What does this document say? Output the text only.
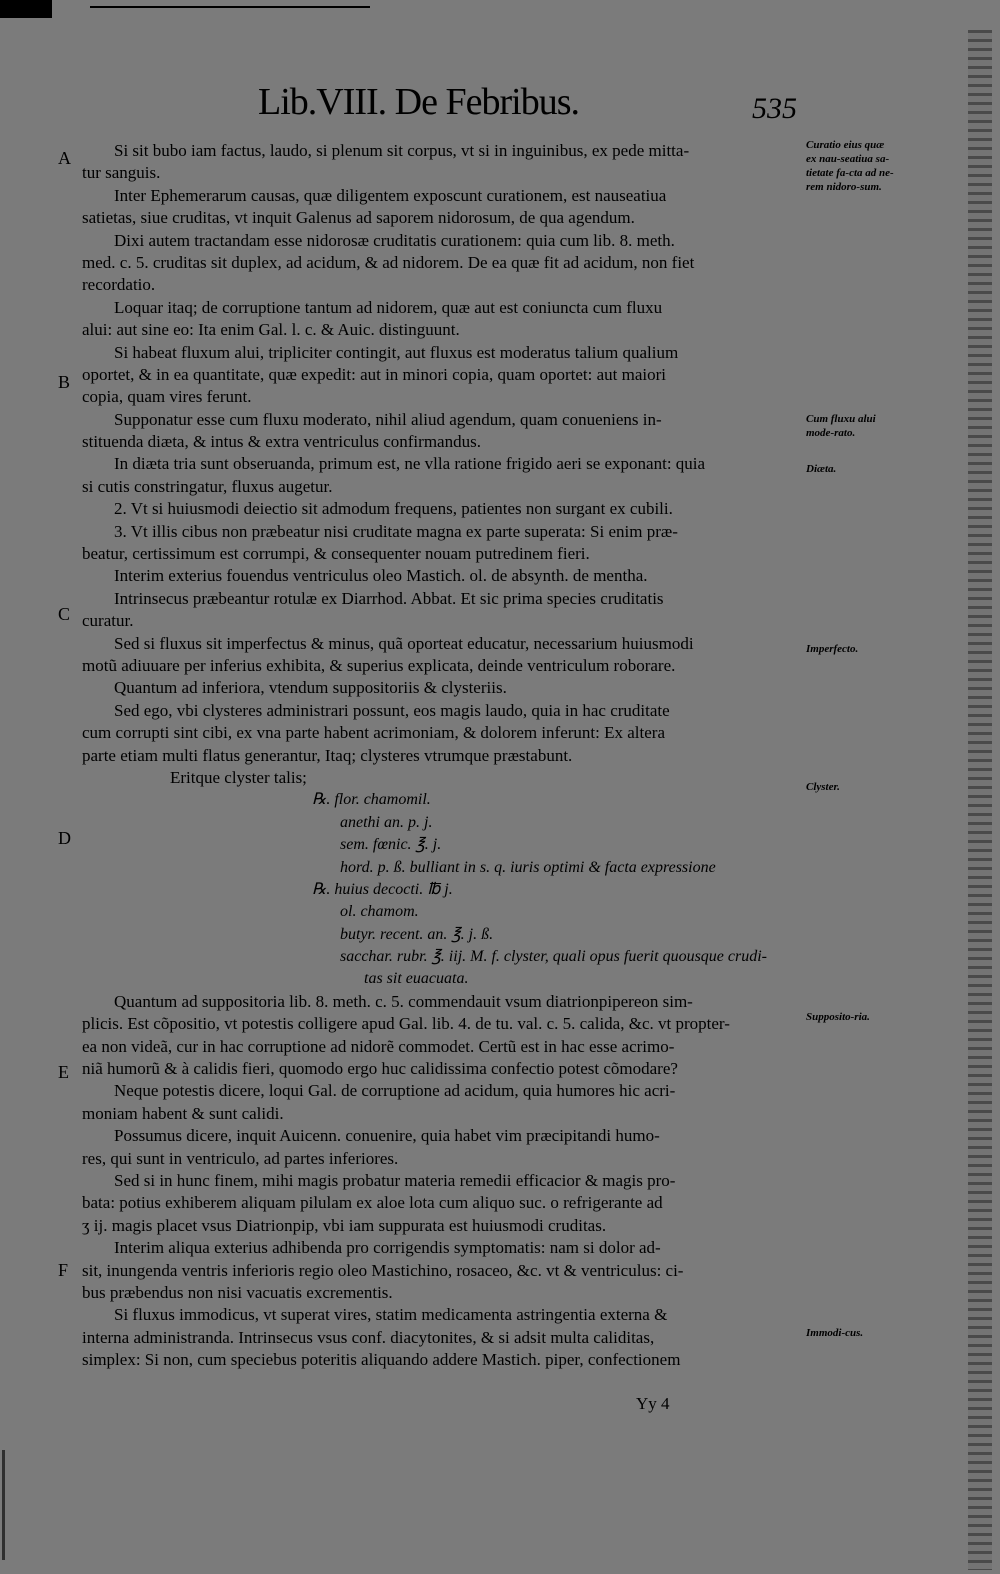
Lib.VIII. De Febribus.	535
A
B
C
D
E
F
Curatio eius quæ ex nau-seatiua sa-tietate fa-cta ad ne-rem nidoro-sum.
Cum fluxu alui mode-rato.
Diæta.
Imperfecto.
Clyster.
Supposito-ria.
Immodi-cus.
Si sit bubo iam factus, laudo, si plenum sit corpus, vt si in inguinibus, ex pede mitta-
tur sanguis.
Inter Ephemerarum causas, quæ diligentem exposcunt curationem, est nauseatiua
satietas, siue cruditas, vt inquit Galenus ad saporem nidorosum, de qua agendum.
Dixi autem tractandam esse nidorosæ cruditatis curationem: quia cum lib. 8. meth.
med. c. 5. cruditas sit duplex, ad acidum, & ad nidorem. De ea quæ fit ad acidum, non fiet
recordatio.
Loquar itaq; de corruptione tantum ad nidorem, quæ aut est coniuncta cum fluxu
alui: aut sine eo: Ita enim Gal. l. c. & Auic. distinguunt.
Si habeat fluxum alui, tripliciter contingit, aut fluxus est moderatus talium qualium
oportet, & in ea quantitate, quæ expedit: aut in minori copia, quam oportet: aut maiori
copia, quam vires ferunt.
Supponatur esse cum fluxu moderato, nihil aliud agendum, quam conueniens in-
stituenda diæta, & intus & extra ventriculus confirmandus.
In diæta tria sunt obseruanda, primum est, ne vlla ratione frigido aeri se exponant: quia
si cutis constringatur, fluxus augetur.
2. Vt si huiusmodi deiectio sit admodum frequens, patientes non surgant ex cubili.
3. Vt illis cibus non præbeatur nisi cruditate magna ex parte superata: Si enim præ-
beatur, certissimum est corrumpi, & consequenter nouam putredinem fieri.
Interim exterius fouendus ventriculus oleo Mastich. ol. de absynth. de mentha.
Intrinsecus præbeantur rotulæ ex Diarrhod. Abbat. Et sic prima species cruditatis
curatur.
Sed si fluxus sit imperfectus & minus, quã oporteat educatur, necessarium huiusmodi
motũ adiuuare per inferius exhibita, & superius explicata, deinde ventriculum roborare.
Quantum ad inferiora, vtendum suppositoriis & clysteriis.
Sed ego, vbi clysteres administrari possunt, eos magis laudo, quia in hac cruditate
cum corrupti sint cibi, ex vna parte habent acrimoniam, & dolorem inferunt: Ex altera
parte etiam multi flatus generantur, Itaq; clysteres vtrumque præstabunt.
Eritque clyster talis;
℞. flor. chamomil.
anethi an. p. j.
sem. fœnic. ℥. j.
hord. p. ß. bulliant in s. q. iuris optimi & facta expressione
℞. huius decocti. ℔ j.
ol. chamom.
butyr. recent. an. ℥. j. ß.
sacchar. rubr. ℥. iij. M. f. clyster, quali opus fuerit quousque crudi-
tas sit euacuata.
Quantum ad suppositoria lib. 8. meth. c. 5. commendauit vsum diatrionpipereon sim-
plicis. Est cõpositio, vt potestis colligere apud Gal. lib. 4. de tu. val. c. 5. calida, &c. vt propter-
ea non videã, cur in hac corruptione ad nidorẽ commodet. Certũ est in hac esse acrimo-
niã humorũ & à calidis fieri, quomodo ergo huc calidissima confectio potest cõmodare?
Neque potestis dicere, loqui Gal. de corruptione ad acidum, quia humores hic acri-
moniam habent & sunt calidi.
Possumus dicere, inquit Auicenn. conuenire, quia habet vim præcipitandi humo-
res, qui sunt in ventriculo, ad partes inferiores.
Sed si in hunc finem, mihi magis probatur materia remedii efficacior & magis pro-
bata: potius exhiberem aliquam pilulam ex aloe lota cum aliquo suc. o refrigerante ad
ʒ ij. magis placet vsus Diatrionpip, vbi iam suppurata est huiusmodi cruditas.
Interim aliqua exterius adhibenda pro corrigendis symptomatis: nam si dolor ad-
sit, inungenda ventris inferioris regio oleo Mastichino, rosaceo, &c. vt & ventriculus: ci-
bus præbendus non nisi vacuatis excrementis.
Si fluxus immodicus, vt superat vires, statim medicamenta astringentia externa &
interna administranda. Intrinsecus vsus conf. diacytonites, & si adsit multa caliditas,
simplex: Si non, cum speciebus poteritis aliquando addere Mastich. piper, confectionem
Yy 4
